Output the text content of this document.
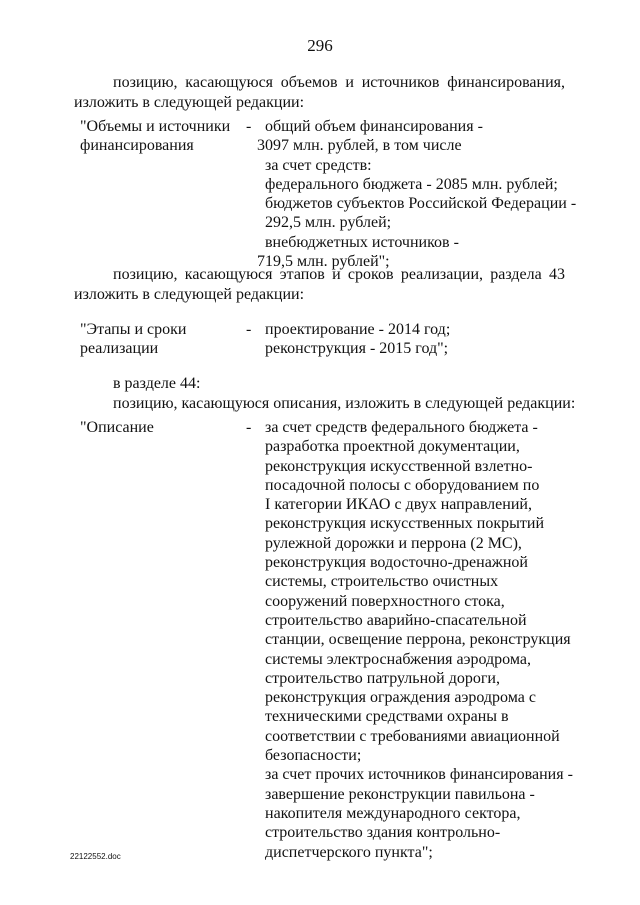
296
позицию, касающуюся объемов и источников финансирования,
изложить в следующей редакции:
"Объемы и источники
финансирования
- общий объем финансирования -
3097 млн. рублей, в том числе
за счет средств:
федерального бюджета - 2085 млн. рублей;
бюджетов субъектов Российской Федерации -
292,5 млн. рублей;
внебюджетных источников -
719,5 млн. рублей";
позицию, касающуюся этапов и сроков реализации, раздела 43
изложить в следующей редакции:
"Этапы и сроки
реализации
- проектирование - 2014 год;
реконструкция - 2015 год";
в разделе 44:
позицию, касающуюся описания, изложить в следующей редакции:
"Описание	- за счет средств федерального бюджета -
разработка проектной документации,
реконструкция искусственной взлетно-
посадочной полосы с оборудованием по
I категории ИКАО с двух направлений,
реконструкция искусственных покрытий
рулежной дорожки и перрона (2 МС),
реконструкция водосточно-дренажной
системы, строительство очистных
сооружений поверхностного стока,
строительство аварийно-спасательной
станции, освещение перрона, реконструкция
системы электроснабжения аэродрома,
строительство патрульной дороги,
реконструкция ограждения аэродрома с
техническими средствами охраны в
соответствии с требованиями авиационной
безопасности;
за счет прочих источников финансирования -
завершение реконструкции павильона -
накопителя международного сектора,
строительство здания контрольно-
диспетчерского пункта";
22122552.doc
